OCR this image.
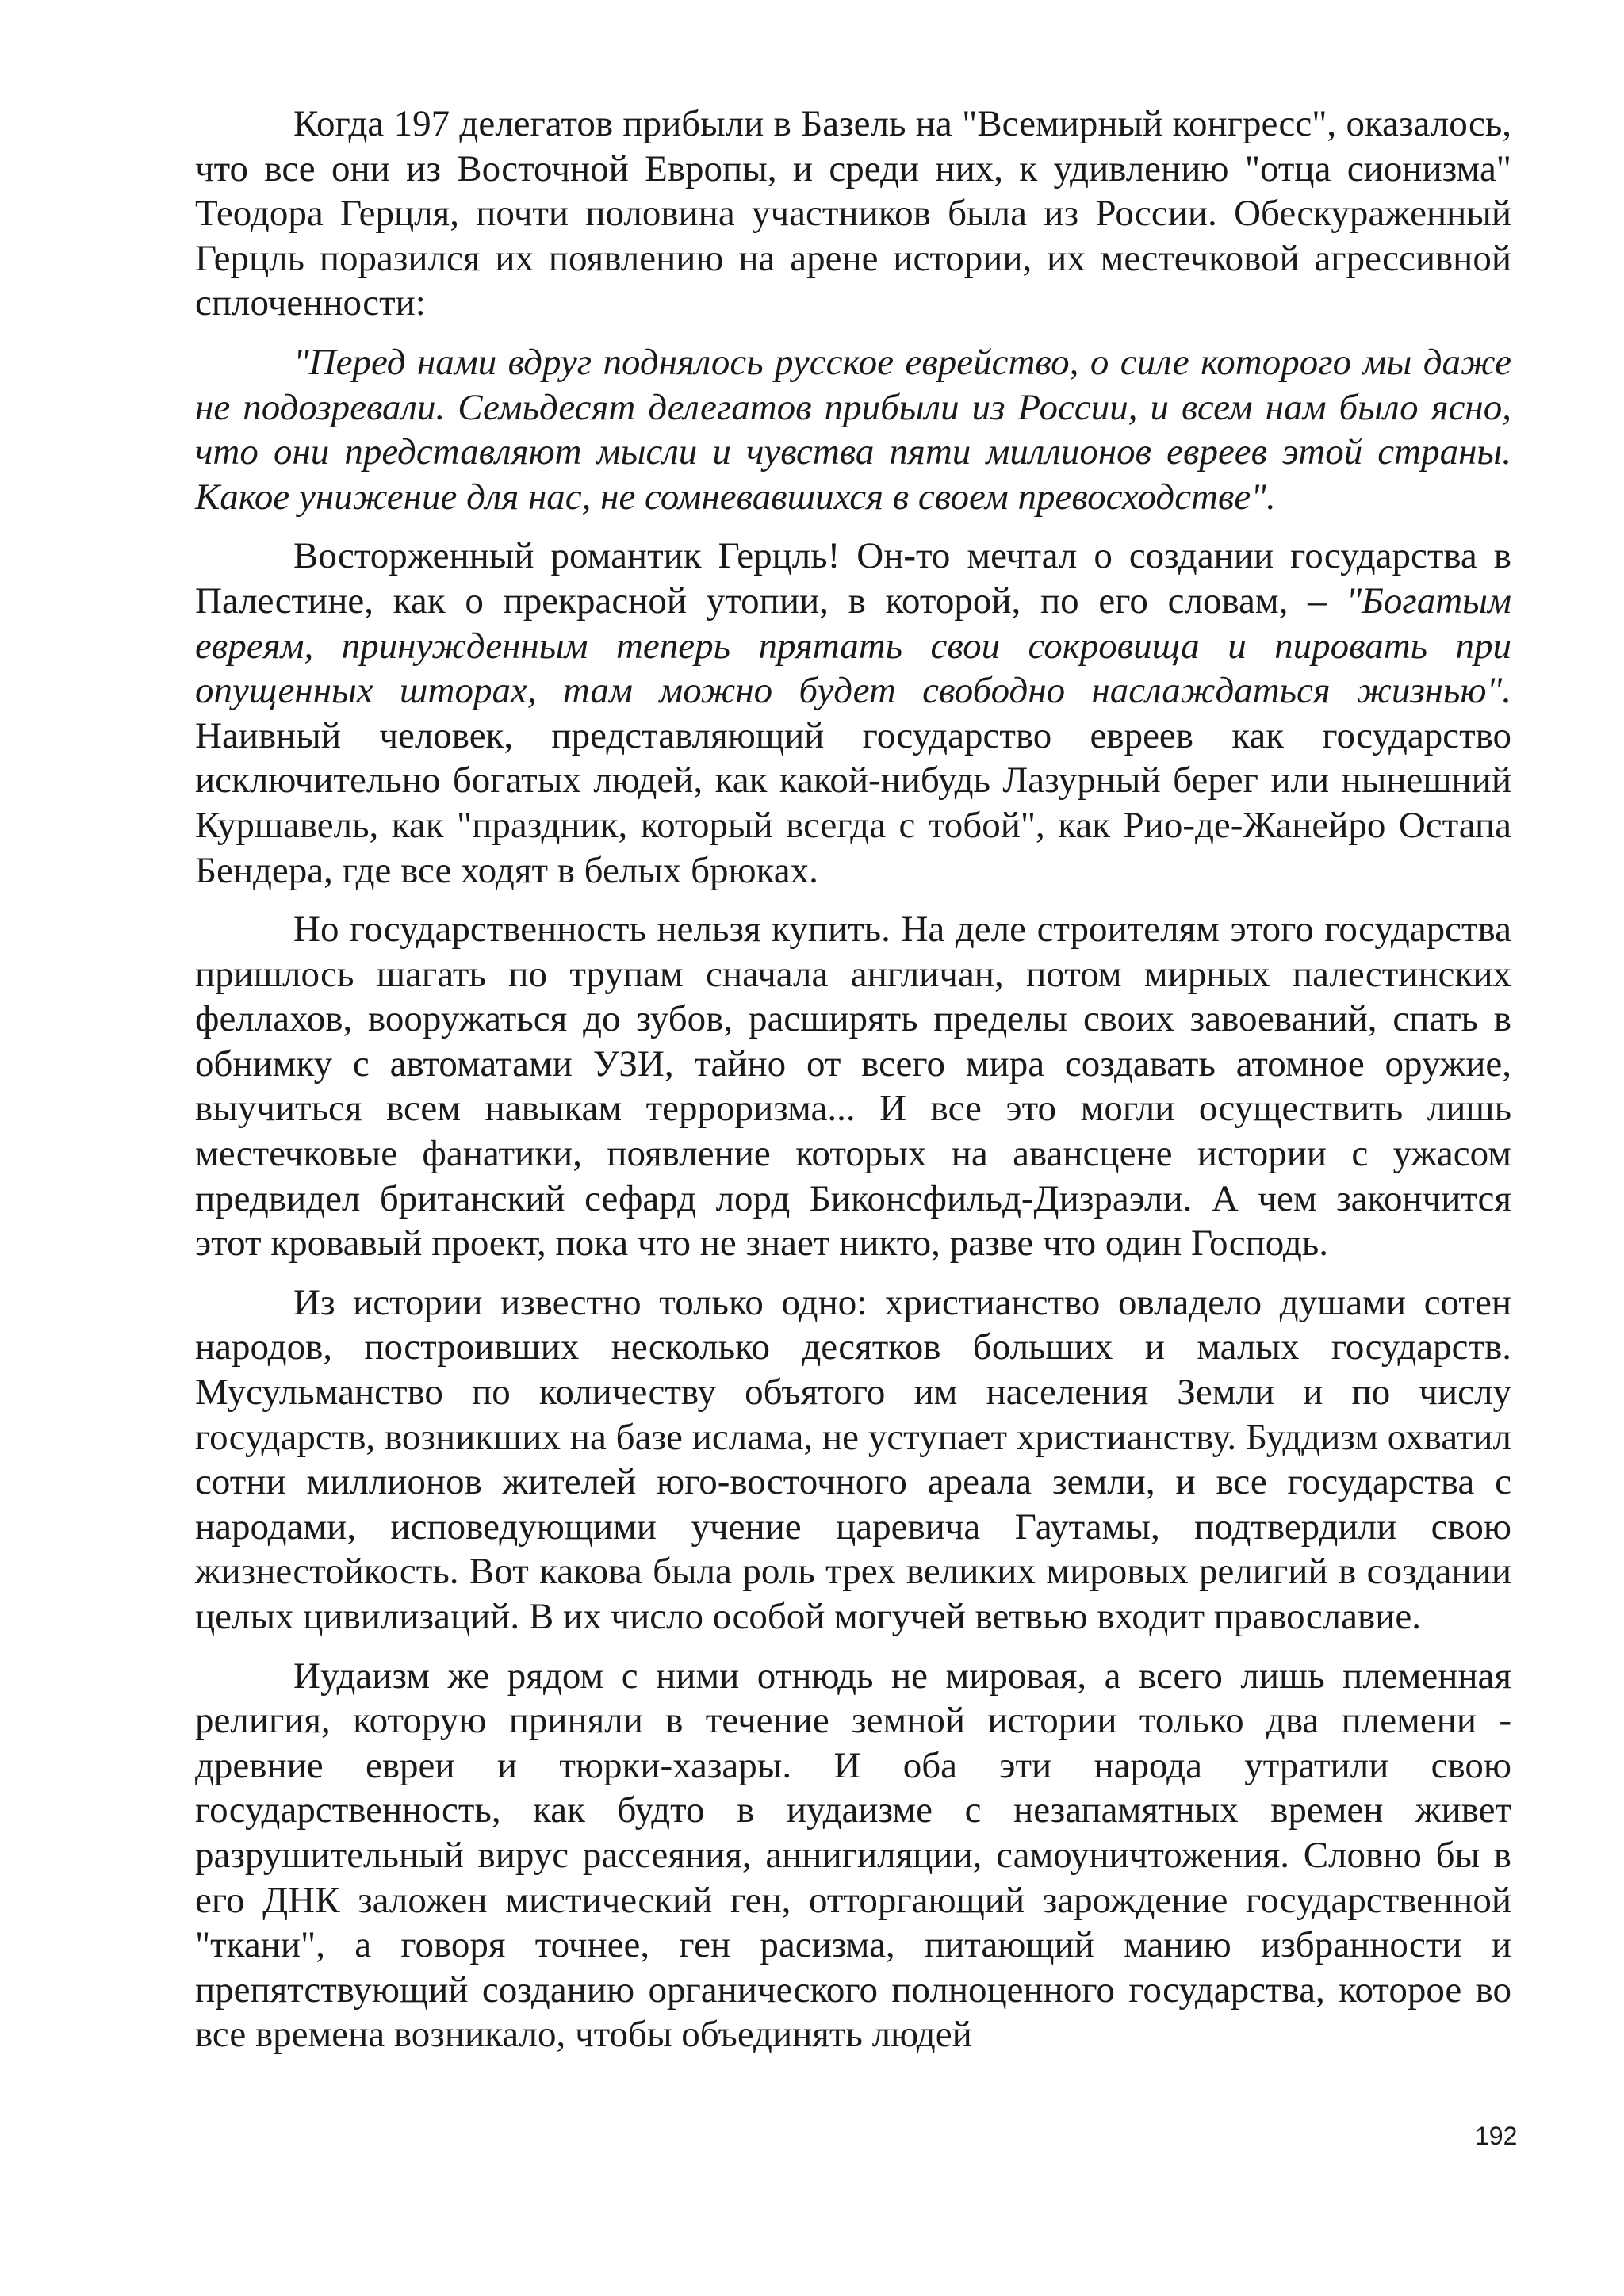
Когда 197 делегатов прибыли в Базель на "Всемирный конгресс", оказалось, что все они из Восточной Европы, и среди них, к удивлению "отца сионизма" Теодора Герцля, почти половина участников была из России. Обескураженный Герцль поразился их появлению на арене истории, их местечковой агрессивной сплоченности:

"Перед нами вдруг поднялось русское еврейство, о силе которого мы даже не подозревали. Семьдесят делегатов прибыли из России, и всем нам было ясно, что они представляют мысли и чувства пяти миллионов евреев этой страны. Какое унижение для нас, не сомневавшихся в своем превосходстве".

Восторженный романтик Герцль! Он-то мечтал о создании государства в Палестине, как о прекрасной утопии, в которой, по его словам, – "Богатым евреям, принужденным теперь прятать свои сокровища и пировать при опущенных шторах, там можно будет свободно наслаждаться жизнью". Наивный человек, представляющий государство евреев как государство исключительно богатых людей, как какой-нибудь Лазурный берег или нынешний Куршавель, как "праздник, который всегда с тобой", как Рио-де-Жанейро Остапа Бендера, где все ходят в белых брюках.

Но государственность нельзя купить. На деле строителям этого государства пришлось шагать по трупам сначала англичан, потом мирных палестинских феллахов, вооружаться до зубов, расширять пределы своих завоеваний, спать в обнимку с автоматами УЗИ, тайно от всего мира создавать атомное оружие, выучиться всем навыкам терроризма... И все это могли осуществить лишь местечковые фанатики, появление которых на авансцене истории с ужасом предвидел британский сефард лорд Биконсфильд-Дизраэли. А чем закончится этот кровавый проект, пока что не знает никто, разве что один Господь.

Из истории известно только одно: христианство овладело душами сотен народов, построивших несколько десятков больших и малых государств. Мусульманство по количеству объятого им населения Земли и по числу государств, возникших на базе ислама, не уступает христианству. Буддизм охватил сотни миллионов жителей юго-восточного ареала земли, и все государства с народами, исповедующими учение царевича Гаутамы, подтвердили свою жизнестойкость. Вот какова была роль трех великих мировых религий в создании целых цивилизаций. В их число особой могучей ветвью входит православие.

Иудаизм же рядом с ними отнюдь не мировая, а всего лишь племенная религия, которую приняли в течение земной истории только два племени - древние евреи и тюрки-хазары. И оба эти народа утратили свою государственность, как будто в иудаизме с незапамятных времен живет разрушительный вирус рассеяния, аннигиляции, самоуничтожения. Словно бы в его ДНК заложен мистический ген, отторгающий зарождение государственной "ткани", а говоря точнее, ген расизма, питающий манию избранности и препятствующий созданию органического полноценного государства, которое во все времена возникало, чтобы объединять людей

192
